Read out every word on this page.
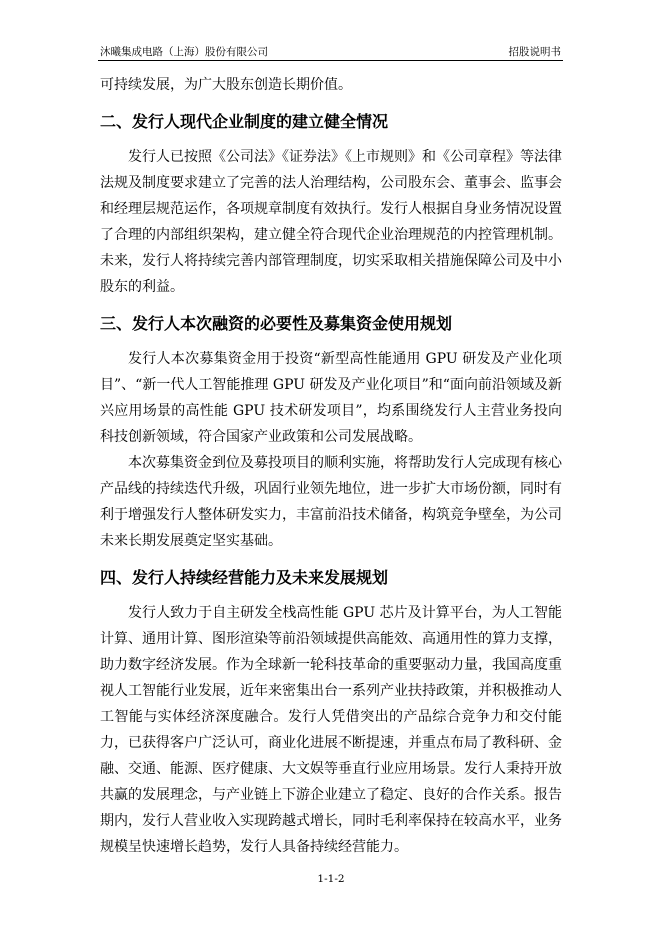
沐曦集成电路（上海）股份有限公司	招股说明书

可持续发展，为广大股东创造长期价值。

二、发行人现代企业制度的建立健全情况

发行人已按照《公司法》《证券法》《上市规则》和《公司章程》等法律法规及制度要求建立了完善的法人治理结构，公司股东会、董事会、监事会和经理层规范运作，各项规章制度有效执行。发行人根据自身业务情况设置了合理的内部组织架构，建立健全符合现代企业治理规范的内控管理机制。未来，发行人将持续完善内部管理制度，切实采取相关措施保障公司及中小股东的利益。

三、发行人本次融资的必要性及募集资金使用规划

发行人本次募集资金用于投资“新型高性能通用 GPU 研发及产业化项目”、“新一代人工智能推理 GPU 研发及产业化项目”和“面向前沿领域及新兴应用场景的高性能 GPU 技术研发项目”，均系围绕发行人主营业务投向科技创新领域，符合国家产业政策和公司发展战略。

本次募集资金到位及募投项目的顺利实施，将帮助发行人完成现有核心产品线的持续迭代升级，巩固行业领先地位，进一步扩大市场份额，同时有利于增强发行人整体研发实力，丰富前沿技术储备，构筑竞争壁垒，为公司未来长期发展奠定坚实基础。

四、发行人持续经营能力及未来发展规划

发行人致力于自主研发全栈高性能 GPU 芯片及计算平台，为人工智能计算、通用计算、图形渲染等前沿领域提供高能效、高通用性的算力支撑，助力数字经济发展。作为全球新一轮科技革命的重要驱动力量，我国高度重视人工智能行业发展，近年来密集出台一系列产业扶持政策，并积极推动人工智能与实体经济深度融合。发行人凭借突出的产品综合竞争力和交付能力，已获得客户广泛认可，商业化进展不断提速，并重点布局了教科研、金融、交通、能源、医疗健康、大文娱等垂直行业应用场景。发行人秉持开放共赢的发展理念，与产业链上下游企业建立了稳定、良好的合作关系。报告期内，发行人营业收入实现跨越式增长，同时毛利率保持在较高水平，业务规模呈快速增长趋势，发行人具备持续经营能力。

1-1-2
